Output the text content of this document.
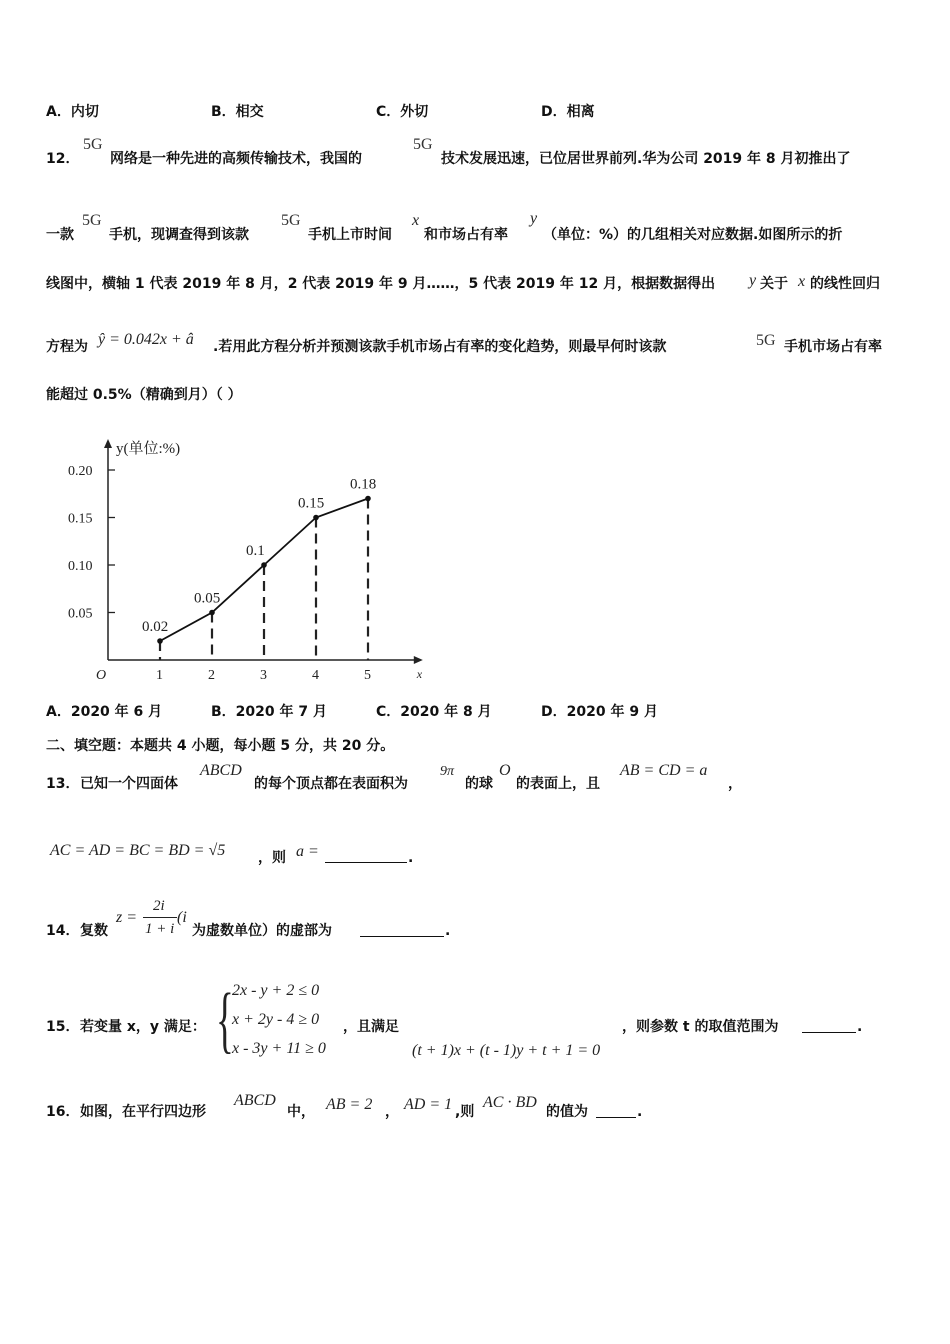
A．内切	B．相交	C．外切	D．相离
12．
5G
网络是一种先进的高频传输技术，我国的
5G
技术发展迅速，已位居世界前列.华为公司 2019 年 8 月初推出了
一款
5G
手机，现调查得到该款
5G
手机上市时间
x
和市场占有率
y
（单位：%）的几组相关对应数据.如图所示的折
线图中，横轴 1 代表 2019 年 8 月，2 代表 2019 年 9 月……，5 代表 2019 年 12 月，根据数据得出 y 关于 x 的线性回归
方程为 ŷ = 0.042x + â .若用此方程分析并预测该款手机市场占有率的变化趋势，则最早何时该款	5G 手机市场占有率
能超过 0.5%（精确到月）（ ）
y(单位:%)
x
O
0.05
0.10
0.15
0.20
1	2	3	4	5
0.02
0.05
0.1
0.15
0.18
A．2020 年 6 月	B．2020 年 7 月	C．2020 年 8 月	D．2020 年 9 月
二、填空题：本题共 4 小题，每小题 5 分，共 20 分。
13． 已知一个四面体
ABCD
的每个顶点都在表面积为
9π
的球
O
的表面上，且
AB = CD = a
，
AC = AD = BC = BD = √5 ，则 a =	.
14． 复数
z =
2i
1 + i
(i
为虚数单位）的虚部为	.
15． 若变量 x，y 满足： {
2x - y + 2 ≤ 0
x + 2y - 4 ≥ 0
x - 3y + 11 ≥ 0
，且满足
(t + 1)x + (t - 1)y + t + 1 = 0
，则参数 t 的取值范围为	.
16． 如图，在平行四边形
ABCD
中， AB = 2 ， AD = 1 ,则
AC · BD
的值为	.
